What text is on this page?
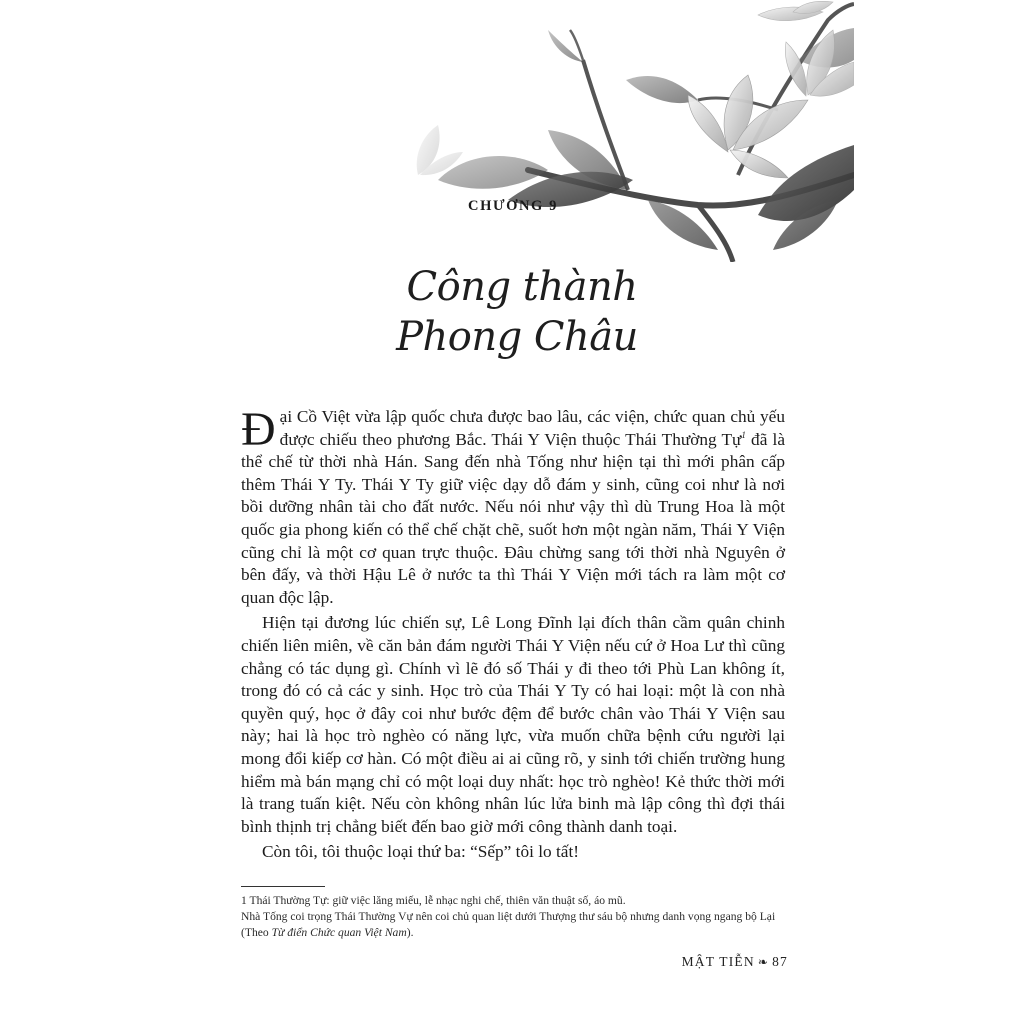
CHƯƠNG 9
Công thành
Phong Châu

Đại Cồ Việt vừa lập quốc chưa được bao lâu, các viện, chức quan chủ yếu được chiếu theo phương Bắc. Thái Y Viện thuộc Thái Thường Tự$^1$ đã là thể chế từ thời nhà Hán. Sang đến nhà Tống như hiện tại thì mới phân cấp thêm Thái Y Ty. Thái Y Ty giữ việc dạy dỗ đám y sinh, cũng coi như là nơi bồi dưỡng nhân tài cho đất nước. Nếu nói như vậy thì dù Trung Hoa là một quốc gia phong kiến có thể chế chặt chẽ, suốt hơn một ngàn năm, Thái Y Viện cũng chỉ là một cơ quan trực thuộc. Đâu chừng sang tới thời nhà Nguyên ở bên đấy, và thời Hậu Lê ở nước ta thì Thái Y Viện mới tách ra làm một cơ quan độc lập.

Hiện tại đương lúc chiến sự, Lê Long Đĩnh lại đích thân cầm quân chinh chiến liên miên, về căn bản đám người Thái Y Viện nếu cứ ở Hoa Lư thì cũng chẳng có tác dụng gì. Chính vì lẽ đó số Thái y đi theo tới Phù Lan không ít, trong đó có cả các y sinh. Học trò của Thái Y Ty có hai loại: một là con nhà quyền quý, học ở đây coi như bước đệm để bước chân vào Thái Y Viện sau này; hai là học trò nghèo có năng lực, vừa muốn chữa bệnh cứu người lại mong đổi kiếp cơ hàn. Có một điều ai ai cũng rõ, y sinh tới chiến trường hung hiểm mà bán mạng chỉ có một loại duy nhất: học trò nghèo! Kẻ thức thời mới là trang tuấn kiệt. Nếu còn không nhân lúc lửa binh mà lập công thì đợi thái bình thịnh trị chẳng biết đến bao giờ mới công thành danh toại.

Còn tôi, tôi thuộc loại thứ ba: “Sếp” tôi lo tất!

1 Thái Thường Tự: giữ việc lăng miếu, lễ nhạc nghi chế, thiên văn thuật số, áo mũ.

Nhà Tống coi trọng Thái Thường Vự nên coi chủ quan liệt dưới Thượng thư sáu bộ nhưng danh vọng ngang bộ Lại (Theo Từ điển Chức quan Việt Nam).

MẬT TIỄN ❧ 87
